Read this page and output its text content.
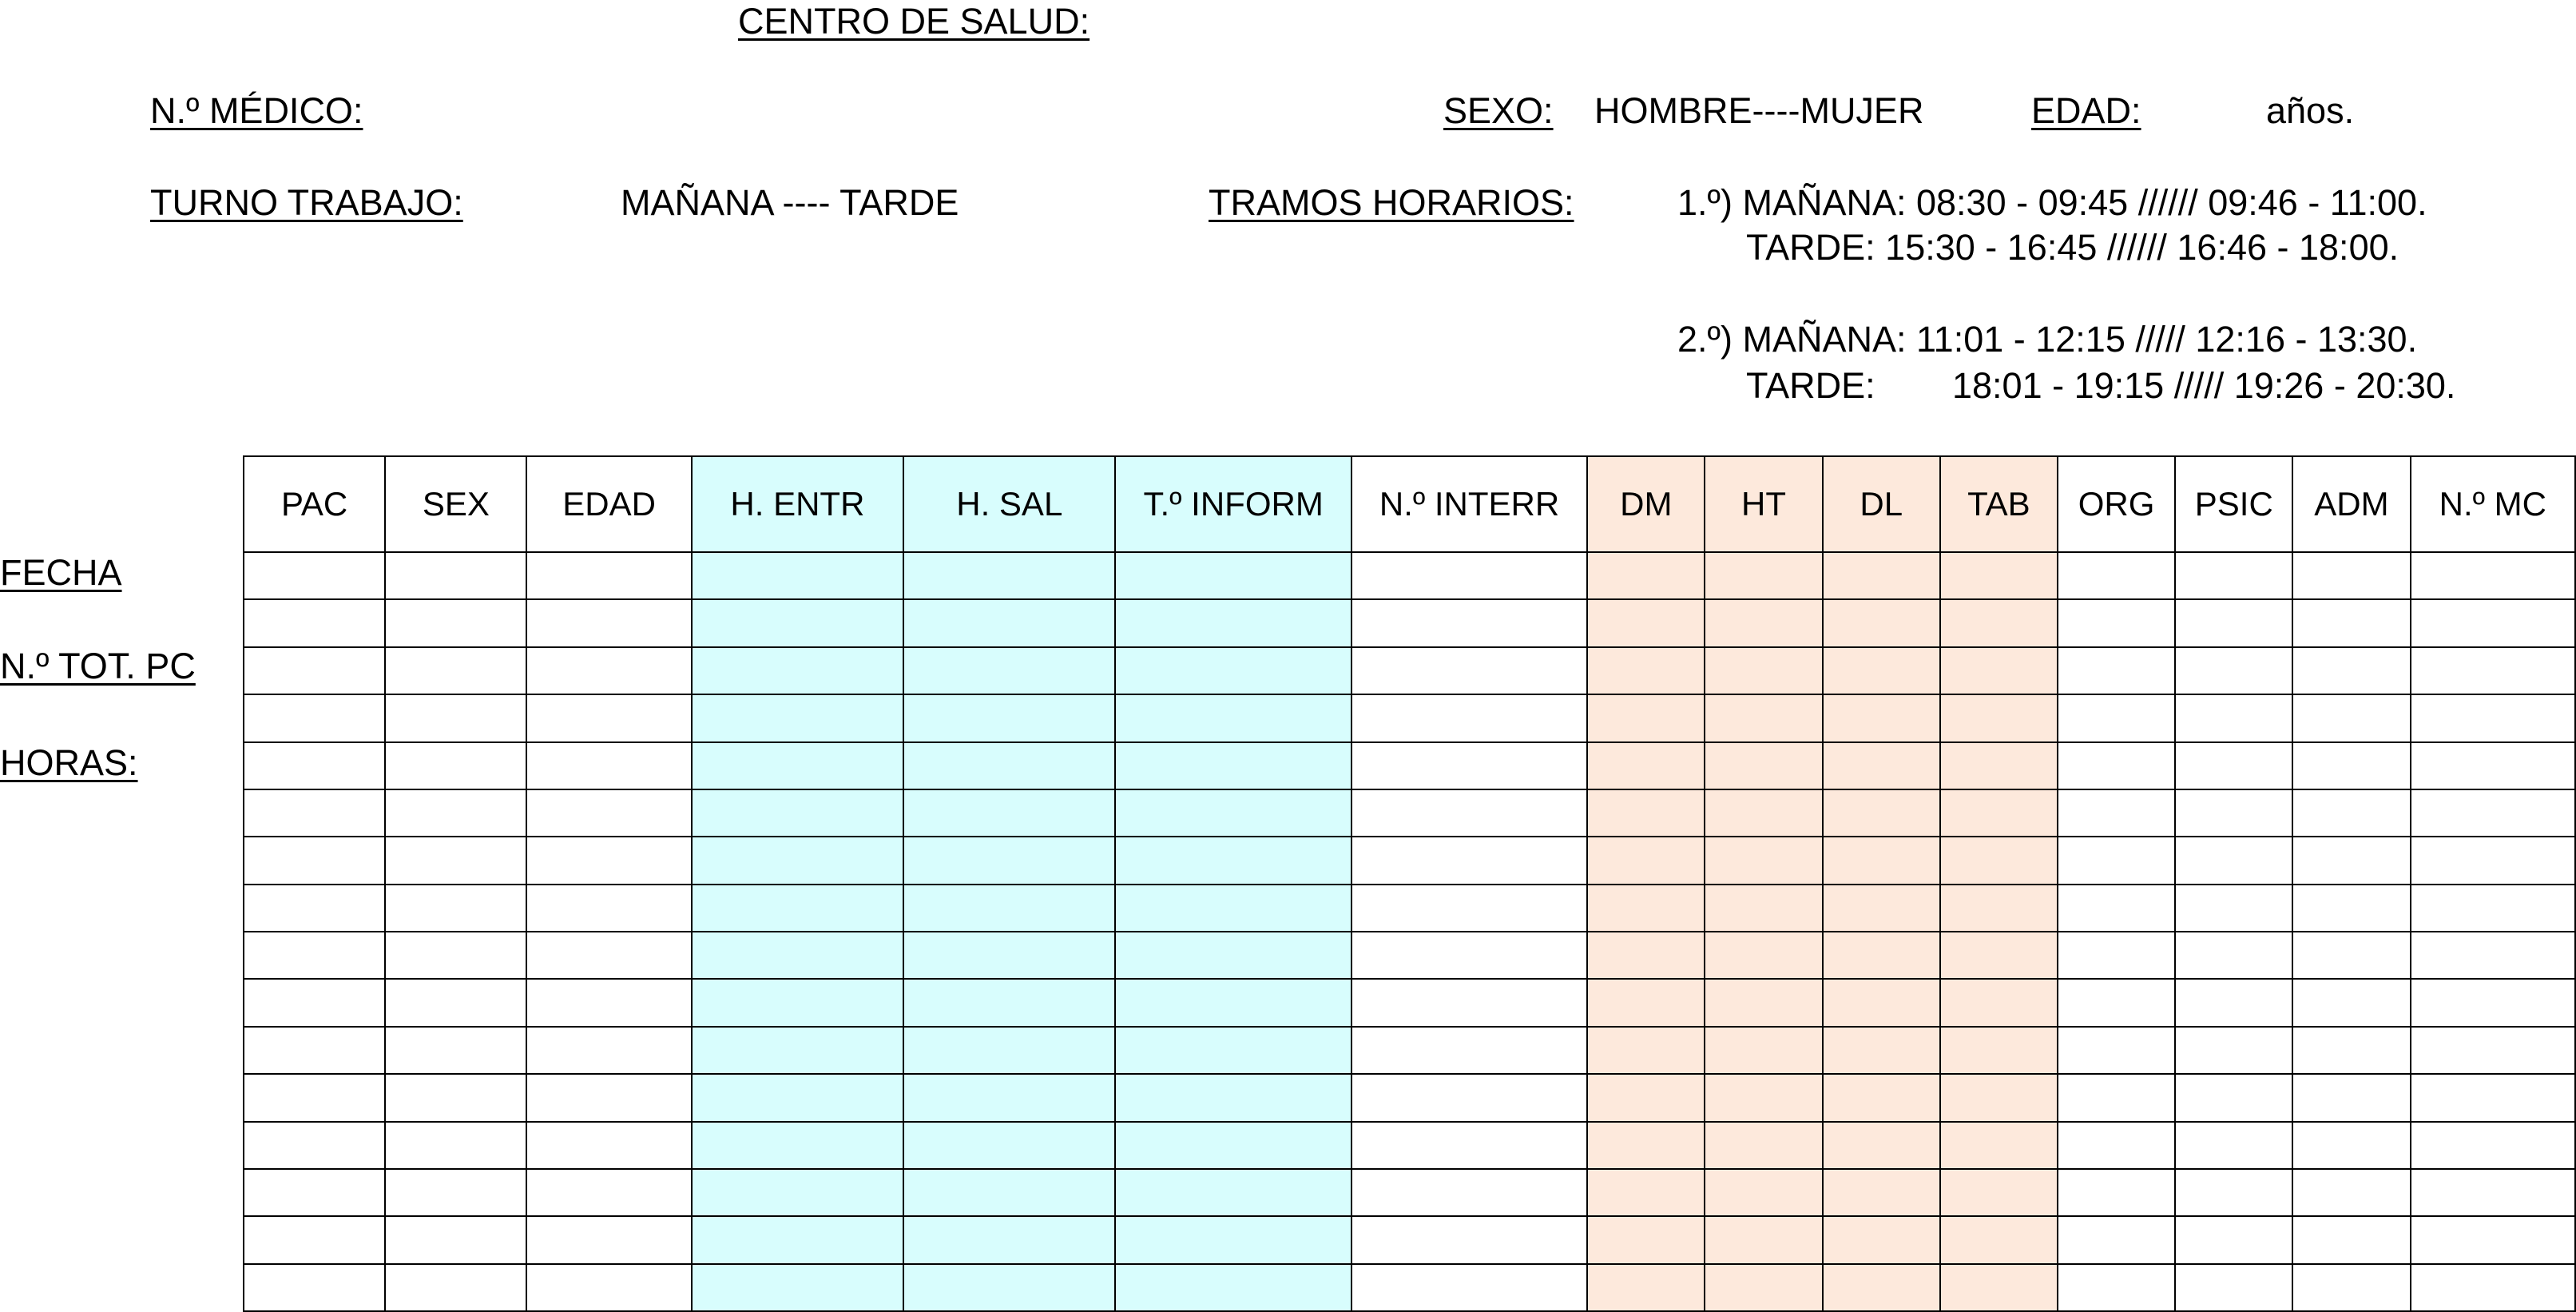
CENTRO DE SALUD:
N.º MÉDICO:	SEXO: HOMBRE----MUJER	EDAD:	años.
TURNO TRABAJO:	MAÑANA ---- TARDE	TRAMOS HORARIOS:	1.º) MAÑANA: 08:30 - 09:45 ////// 09:46 - 11:00.
TARDE: 15:30 - 16:45 ////// 16:46 - 18:00.
2.º) MAÑANA: 11:01 - 12:15 ///// 12:16 - 13:30.
TARDE: 18:01 - 19:15 ///// 19:26 - 20:30.
FECHA
N.º TOT. PC
HORAS:
PAC	SEX	EDAD	H. ENTR	H. SAL	T.º INFORM	N.º INTERR	DM	HT	DL	TAB	ORG	PSIC	ADM	N.º MC
